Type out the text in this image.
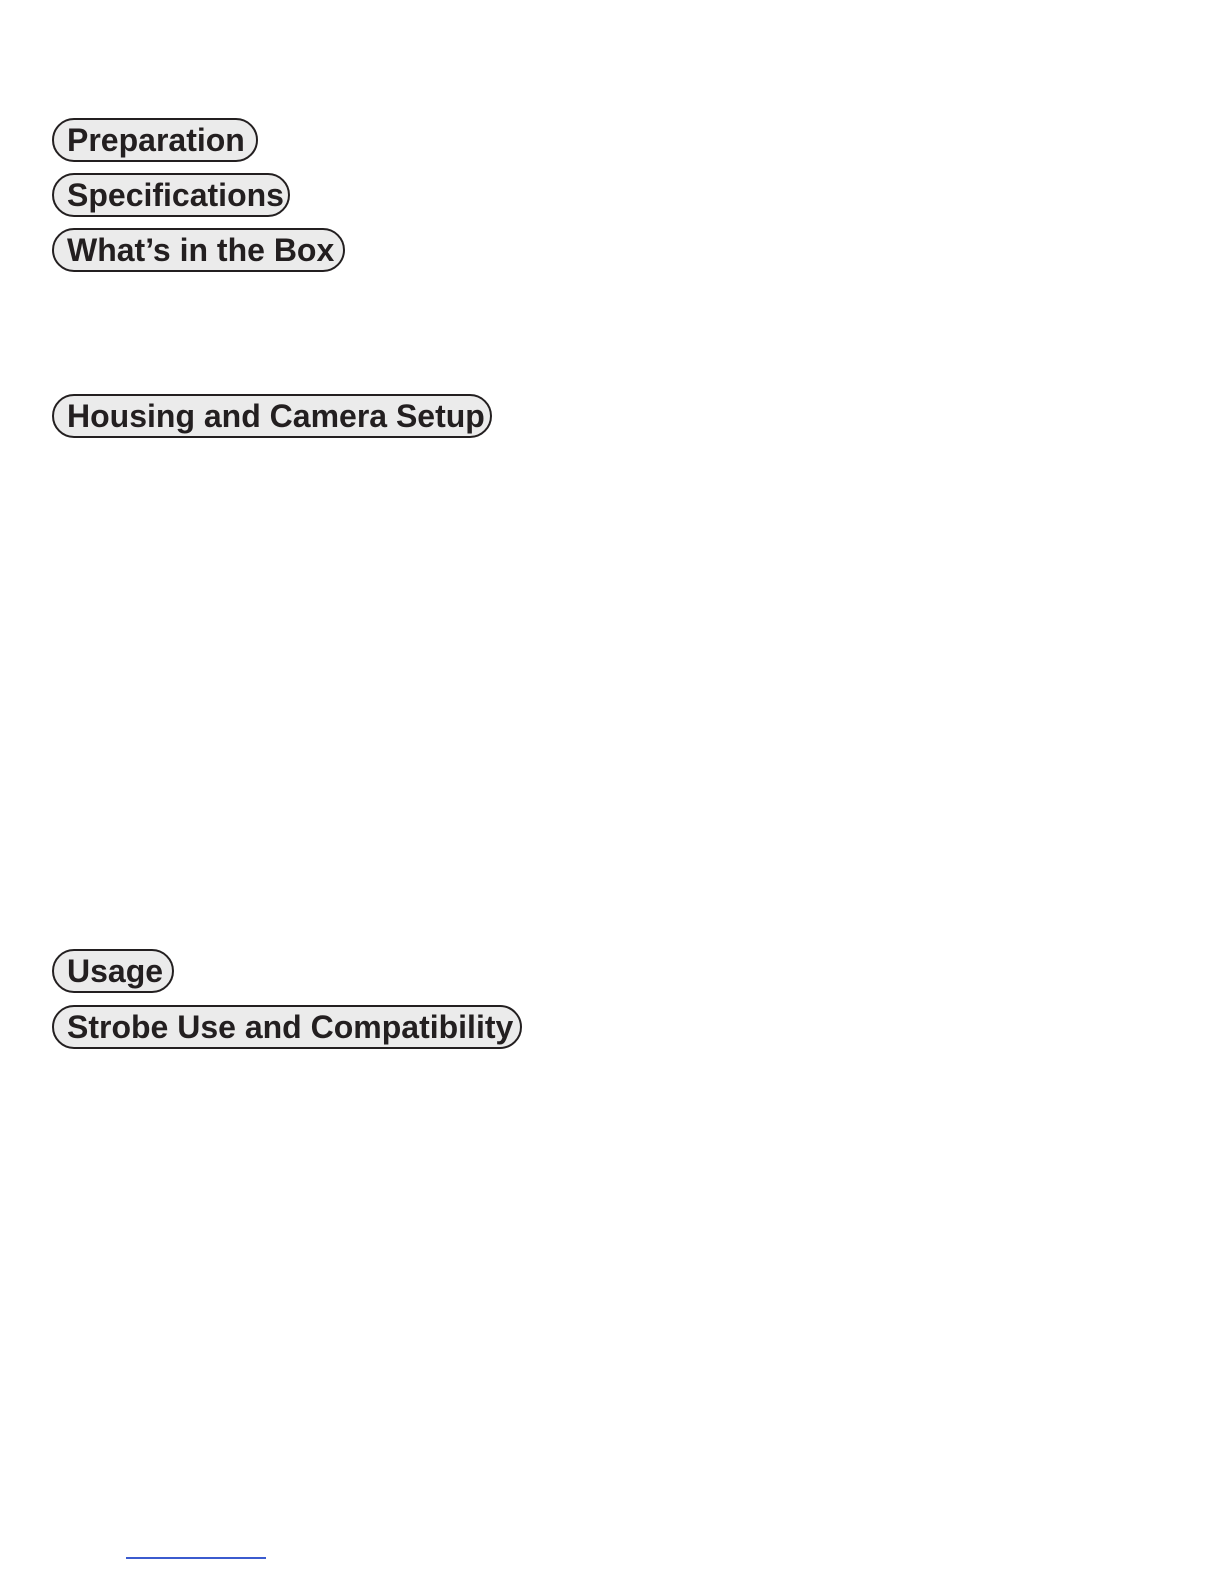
Preparation
Specifications
What’s in the Box
Housing and Camera Setup
Usage
Strobe Use and Compatibility
